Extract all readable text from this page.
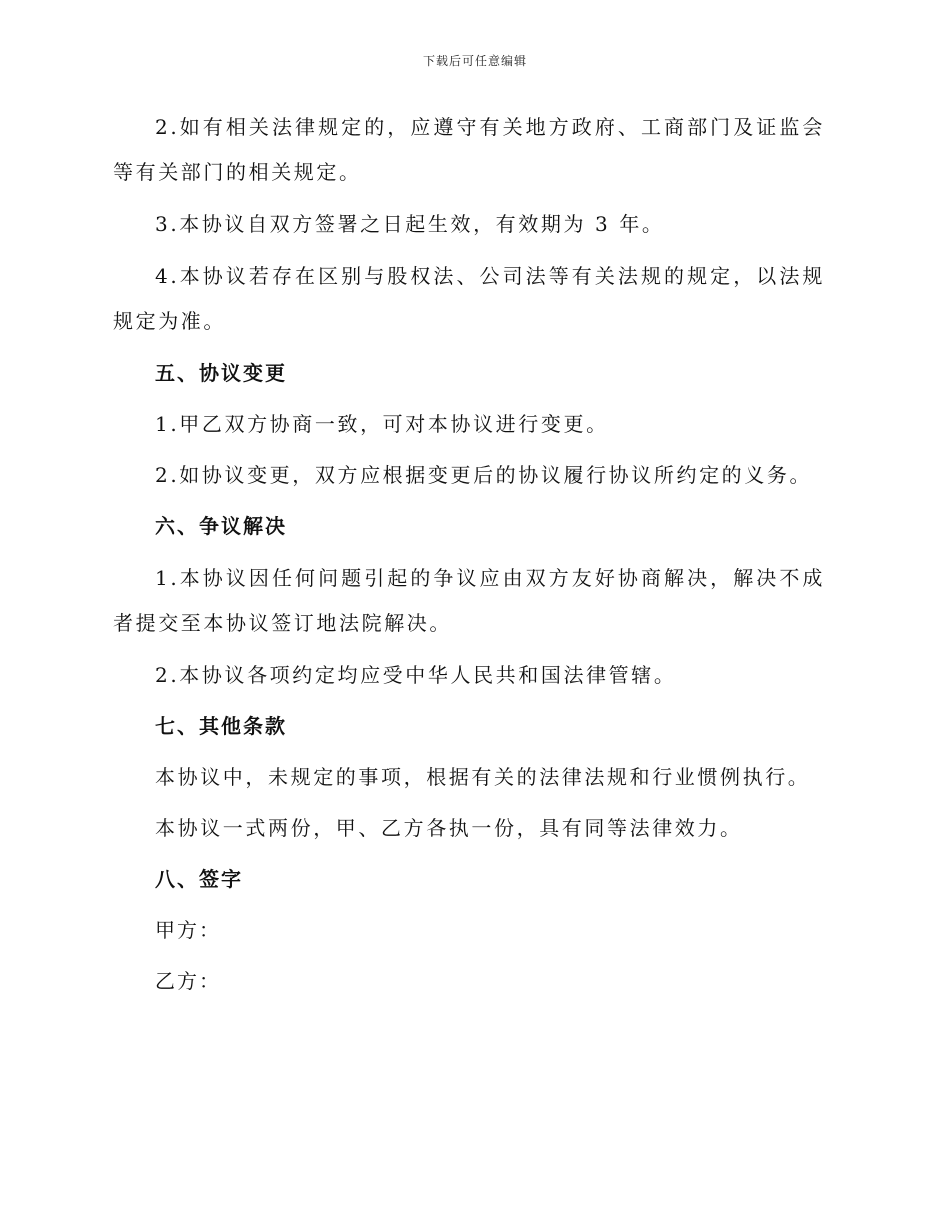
下载后可任意编辑

2.如有相关法律规定的，应遵守有关地方政府、工商部门及证监会等有关部门的相关规定。

3.本协议自双方签署之日起生效，有效期为 3 年。

4.本协议若存在区别与股权法、公司法等有关法规的规定，以法规规定为准。

五、协议变更

1.甲乙双方协商一致，可对本协议进行变更。

2.如协议变更，双方应根据变更后的协议履行协议所约定的义务。

六、争议解决

1.本协议因任何问题引起的争议应由双方友好协商解决，解决不成者提交至本协议签订地法院解决。

2.本协议各项约定均应受中华人民共和国法律管辖。

七、其他条款

本协议中，未规定的事项，根据有关的法律法规和行业惯例执行。

本协议一式两份，甲、乙方各执一份，具有同等法律效力。

八、签字

甲方：

乙方：
